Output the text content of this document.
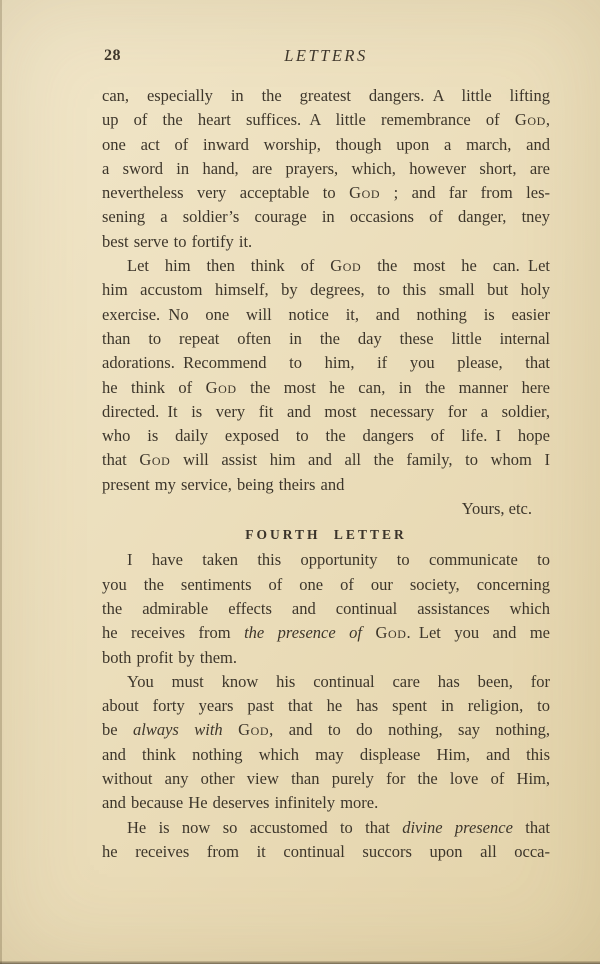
28	LETTERS
can, especially in the greatest dangers. A little lifting
up of the heart suffices. A little remembrance of God,
one act of inward worship, though upon a march, and
a sword in hand, are prayers, which, however short, are
nevertheless very acceptable to God ; and far from les-
sening a soldier’s courage in occasions of danger, tney
best serve to fortify it.
Let him then think of God the most he can. Let
him accustom himself, by degrees, to this small but holy
exercise. No one will notice it, and nothing is easier
than to repeat often in the day these little internal
adorations. Recommend to him, if you please, that
he think of God the most he can, in the manner here
directed. It is very fit and most necessary for a soldier,
who is daily exposed to the dangers of life. I hope
that God will assist him and all the family, to whom I
present my service, being theirs and
Yours, etc.
FOURTH LETTER
I have taken this opportunity to communicate to
you the sentiments of one of our society, concerning
the admirable effects and continual assistances which
he receives from the presence of God. Let you and me
both profit by them.
You must know his continual care has been, for
about forty years past that he has spent in religion, to
be always with God, and to do nothing, say nothing,
and think nothing which may displease Him, and this
without any other view than purely for the love of Him,
and because He deserves infinitely more.
He is now so accustomed to that divine presence that
he receives from it continual succors upon all occa-
